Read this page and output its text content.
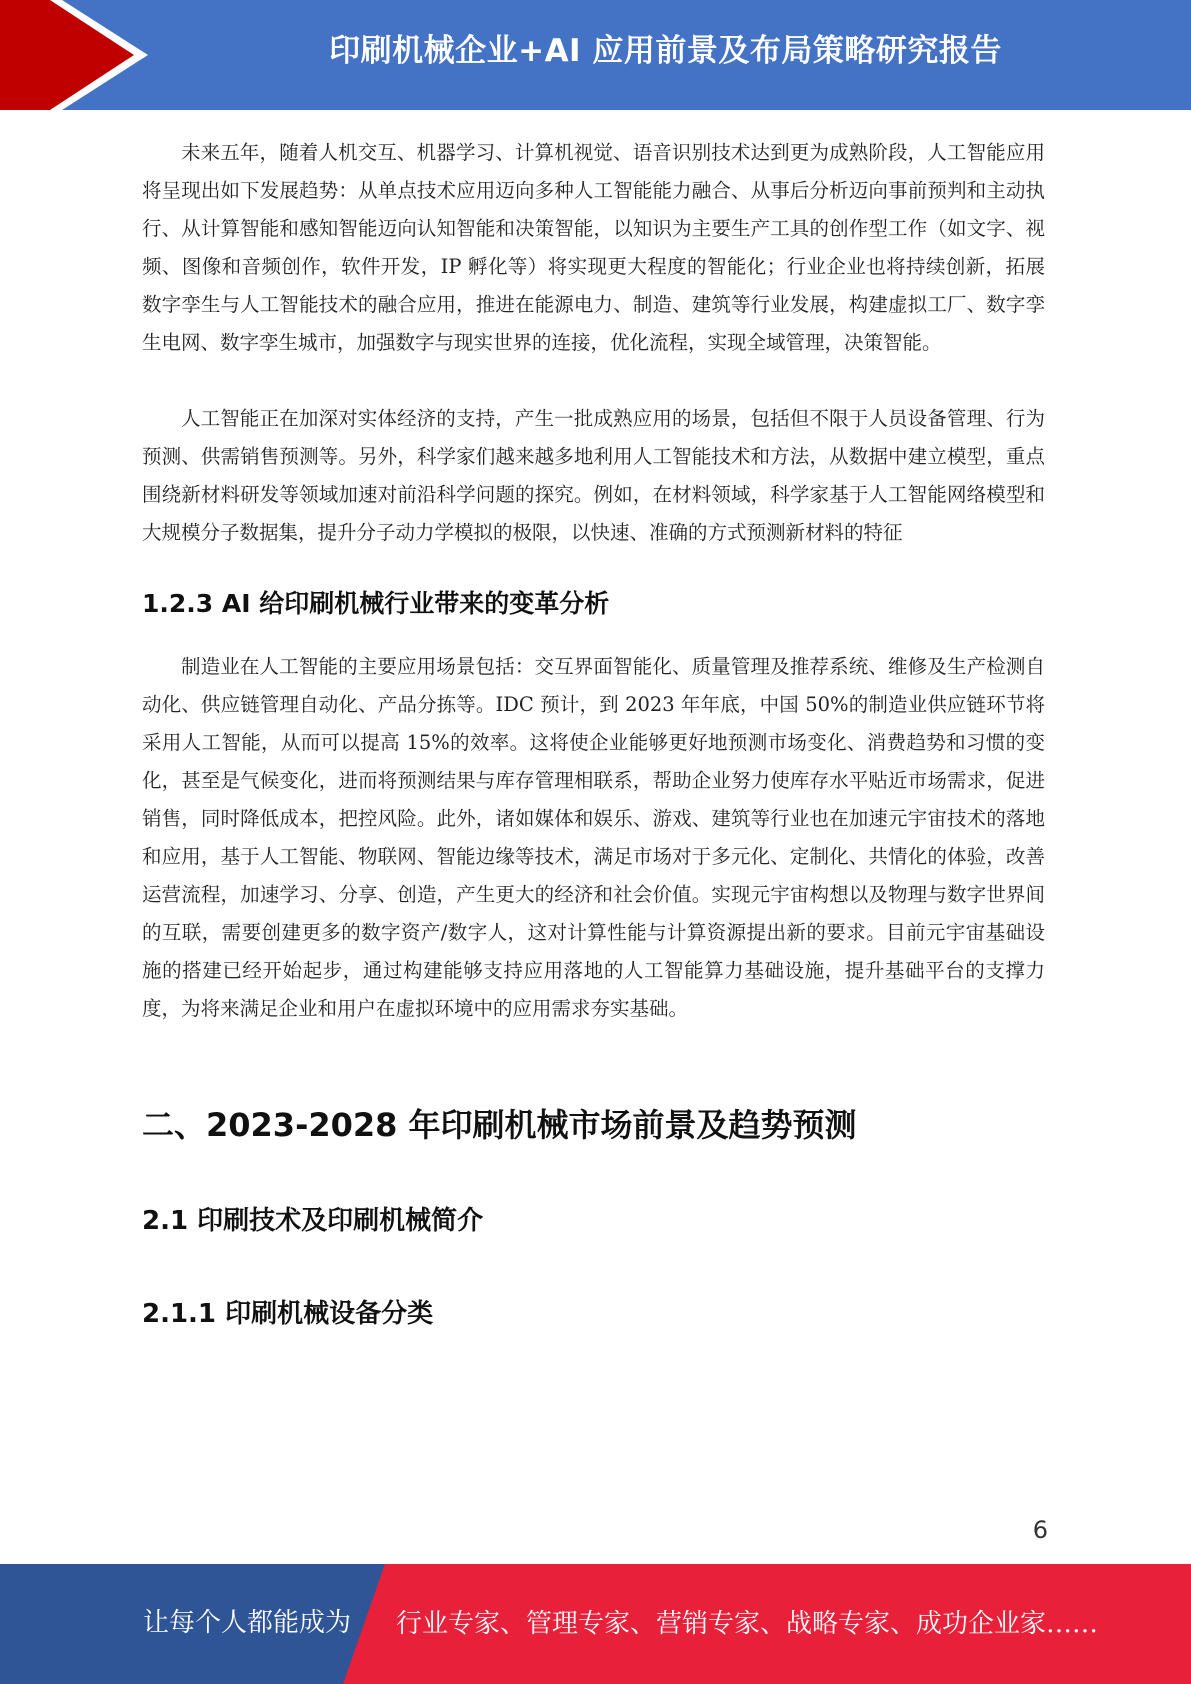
印刷机械企业+AI 应用前景及布局策略研究报告

未来五年，随着人机交互、机器学习、计算机视觉、语音识别技术达到更为成熟阶段，人工智能应用将呈现出如下发展趋势：从单点技术应用迈向多种人工智能能力融合、从事后分析迈向事前预判和主动执行、从计算智能和感知智能迈向认知智能和决策智能，以知识为主要生产工具的创作型工作（如文字、视频、图像和音频创作，软件开发，IP 孵化等）将实现更大程度的智能化；行业企业也将持续创新，拓展数字孪生与人工智能技术的融合应用，推进在能源电力、制造、建筑等行业发展，构建虚拟工厂、数字孪生电网、数字孪生城市，加强数字与现实世界的连接，优化流程，实现全域管理，决策智能。

人工智能正在加深对实体经济的支持，产生一批成熟应用的场景，包括但不限于人员设备管理、行为预测、供需销售预测等。另外，科学家们越来越多地利用人工智能技术和方法，从数据中建立模型，重点围绕新材料研发等领域加速对前沿科学问题的探究。例如，在材料领域，科学家基于人工智能网络模型和大规模分子数据集，提升分子动力学模拟的极限，以快速、准确的方式预测新材料的特征

1.2.3 AI 给印刷机械行业带来的变革分析

制造业在人工智能的主要应用场景包括：交互界面智能化、质量管理及推荐系统、维修及生产检测自动化、供应链管理自动化、产品分拣等。IDC 预计，到 2023 年年底，中国 50%的制造业供应链环节将采用人工智能，从而可以提高 15%的效率。这将使企业能够更好地预测市场变化、消费趋势和习惯的变化，甚至是气候变化，进而将预测结果与库存管理相联系，帮助企业努力使库存水平贴近市场需求，促进销售，同时降低成本，把控风险。此外，诸如媒体和娱乐、游戏、建筑等行业也在加速元宇宙技术的落地和应用，基于人工智能、物联网、智能边缘等技术，满足市场对于多元化、定制化、共情化的体验，改善运营流程，加速学习、分享、创造，产生更大的经济和社会价值。实现元宇宙构想以及物理与数字世界间的互联，需要创建更多的数字资产/数字人，这对计算性能与计算资源提出新的要求。目前元宇宙基础设施的搭建已经开始起步，通过构建能够支持应用落地的人工智能算力基础设施，提升基础平台的支撑力度，为将来满足企业和用户在虚拟环境中的应用需求夯实基础。

二、2023-2028 年印刷机械市场前景及趋势预测
2.1 印刷技术及印刷机械简介
2.1.1 印刷机械设备分类
6
让每个人都能成为 行业专家、管理专家、营销专家、战略专家、成功企业家……
